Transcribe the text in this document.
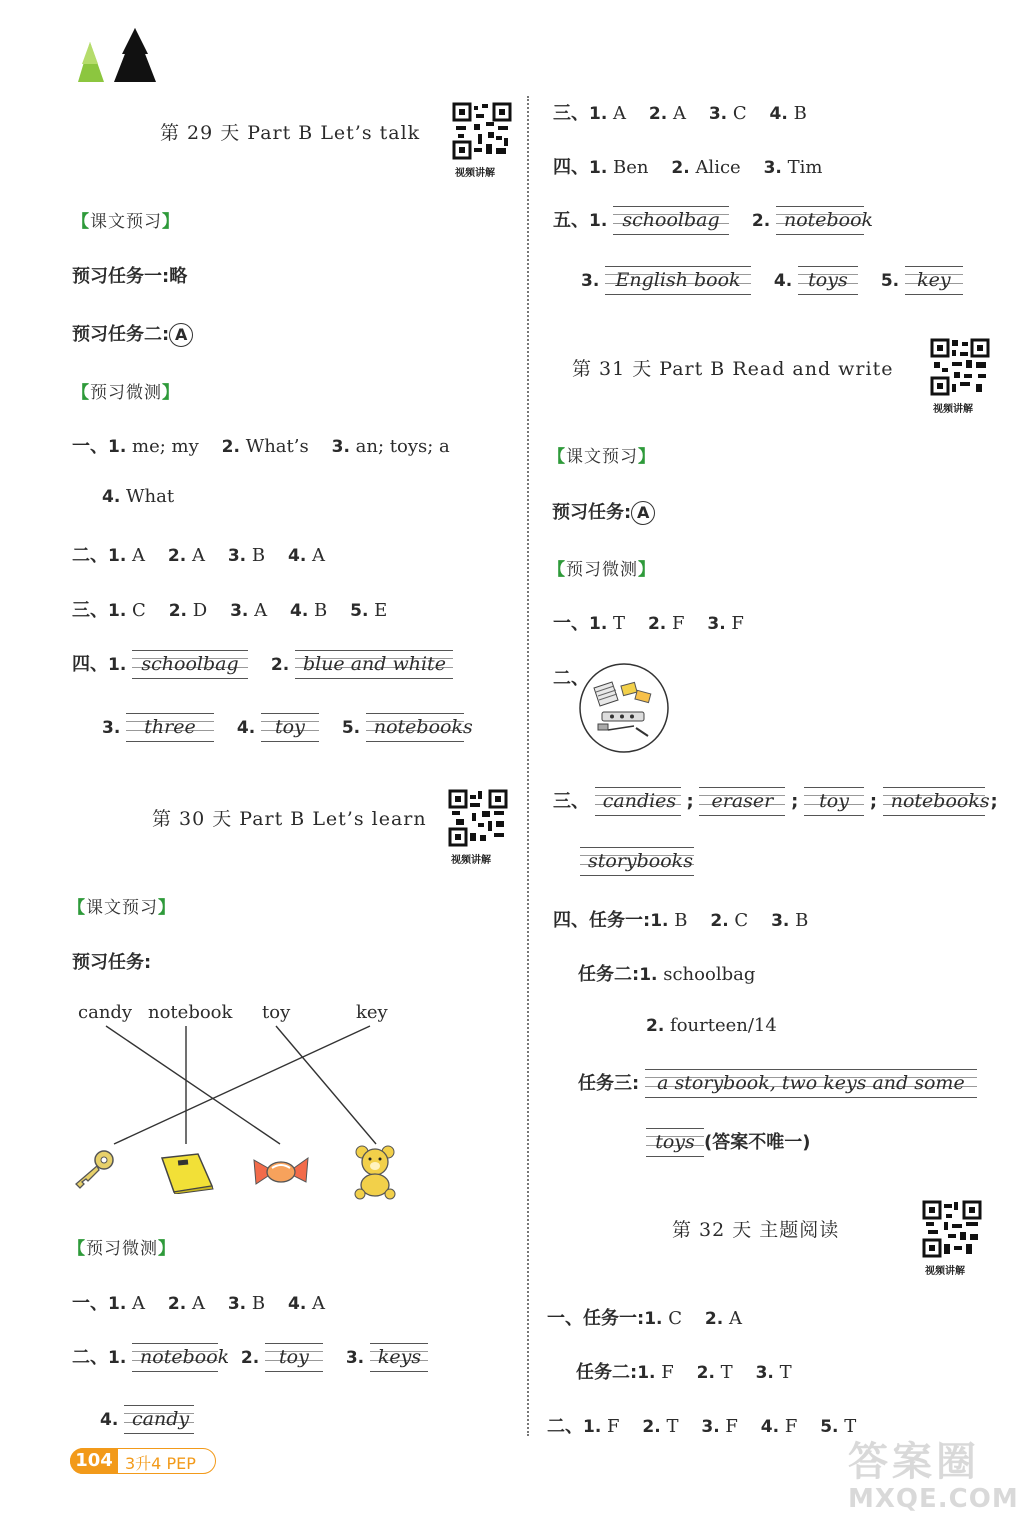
第 29 天 Part B Let’s talk
视频讲解
【课文预习】
预习任务一:略
预习任务二: A
【预习微测】
一、1. me; my 2. What’s 3. an; toys; a
4. What
二、1. A 2. A 3. B 4. A
三、1. C 2. D 3. A 4. B 5. E
四、1. schoolbag 2. blue and white
3. three 4. toy 5. notebooks
第 30 天 Part B Let’s learn
视频讲解
【课文预习】
预习任务:
candy notebook toy	key
【预习微测】
一、1. A 2. A 3. B 4. A
二、1. notebook 2. toy 3. keys
4. candy
三、1. A 2. A 3. C 4. B
四、1. Ben 2. Alice 3. Tim
五、1. schoolbag 2. notebook
3. English book 4. toys 5. key
第 31 天 Part B Read and write
视频讲解
【课文预习】
预习任务: A
【预习微测】
一、1. T 2. F 3. F
二、
三、 candies ; eraser ; toy ; notebooks ;
storybooks
四、任务一:1. B 2. C 3. B
任务二:1. schoolbag
2. fourteen/14
任务三: a storybook, two keys and some
toys (答案不唯一)
第 32 天 主题阅读
视频讲解
一、任务一:1. C 2. A
任务二:1. F 2. T 3. T
二、1. F 2. T 3. F 4. F 5. T
104 3升4 PEP	答案圈
MXQE.COM
